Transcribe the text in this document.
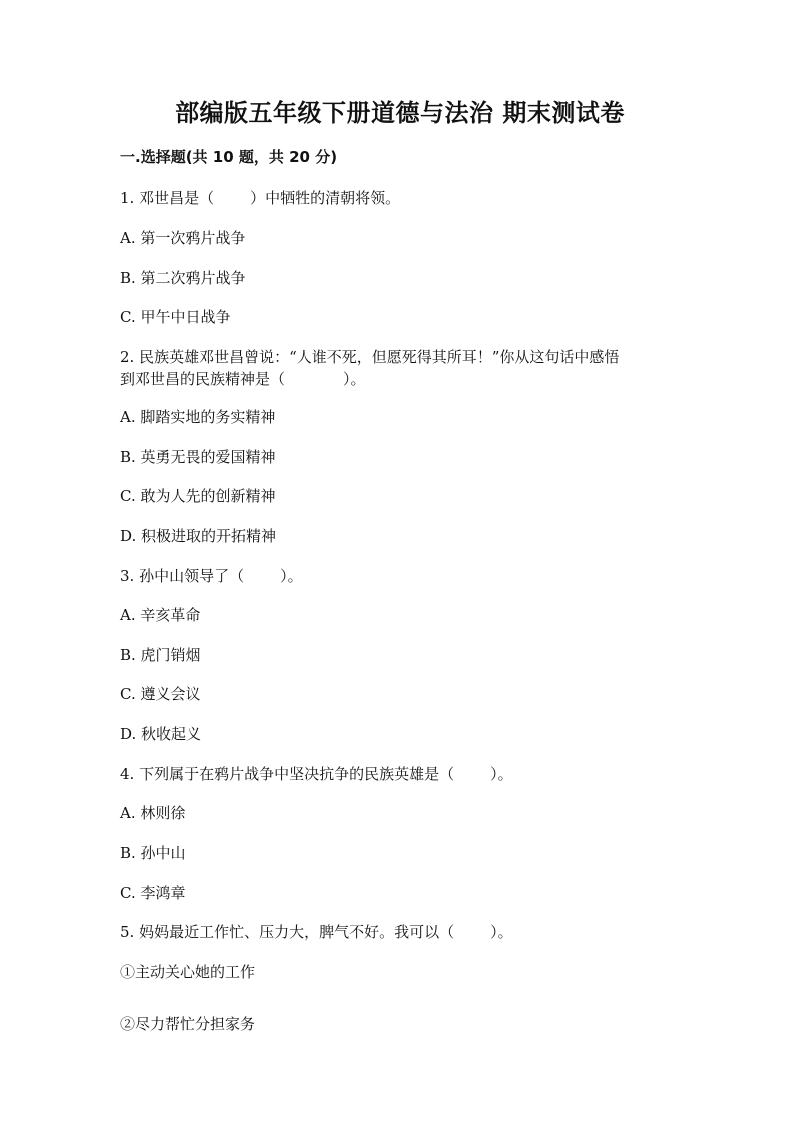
部编版五年级下册道德与法治 期末测试卷
一.选择题(共 10 题，共 20 分)

1. 邓世昌是（ ）中牺牲的清朝将领。

A. 第一次鸦片战争

B. 第二次鸦片战争

C. 甲午中日战争

2. 民族英雄邓世昌曾说：“人谁不死，但愿死得其所耳！”你从这句话中感悟

到邓世昌的民族精神是（	）。

A. 脚踏实地的务实精神

B. 英勇无畏的爱国精神

C. 敢为人先的创新精神

D. 积极进取的开拓精神

3. 孙中山领导了（ ）。

A. 辛亥革命

B. 虎门销烟

C. 遵义会议

D. 秋收起义

4. 下列属于在鸦片战争中坚决抗争的民族英雄是（ ）。

A. 林则徐

B. 孙中山

C. 李鸿章

5. 妈妈最近工作忙、压力大，脾气不好。我可以（ ）。

①主动关心她的工作

②尽力帮忙分担家务
